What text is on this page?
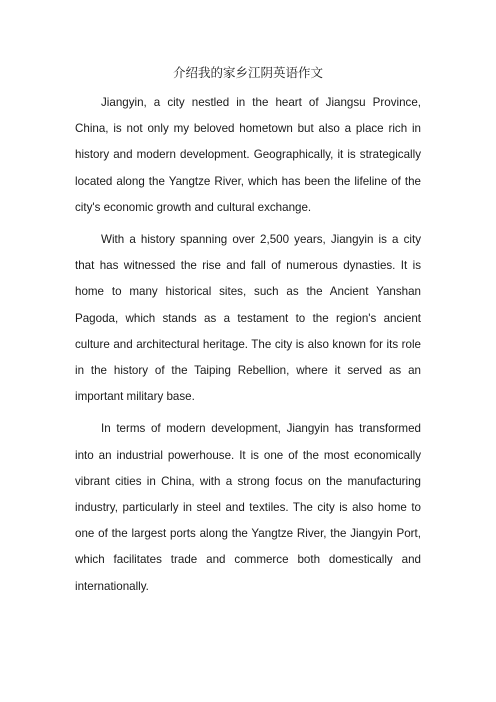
介绍我的家乡江阴英语作文

Jiangyin, a city nestled in the heart of Jiangsu Province, China, is not only my beloved hometown but also a place rich in history and modern development. Geographically, it is strategically located along the Yangtze River, which has been the lifeline of the city's economic growth and cultural exchange.

With a history spanning over 2,500 years, Jiangyin is a city that has witnessed the rise and fall of numerous dynasties. It is home to many historical sites, such as the Ancient Yanshan Pagoda, which stands as a testament to the region's ancient culture and architectural heritage. The city is also known for its role in the history of the Taiping Rebellion, where it served as an important military base.

In terms of modern development, Jiangyin has transformed into an industrial powerhouse. It is one of the most economically vibrant cities in China, with a strong focus on the manufacturing industry, particularly in steel and textiles. The city is also home to one of the largest ports along the Yangtze River, the Jiangyin Port, which facilitates trade and commerce both domestically and internationally.
